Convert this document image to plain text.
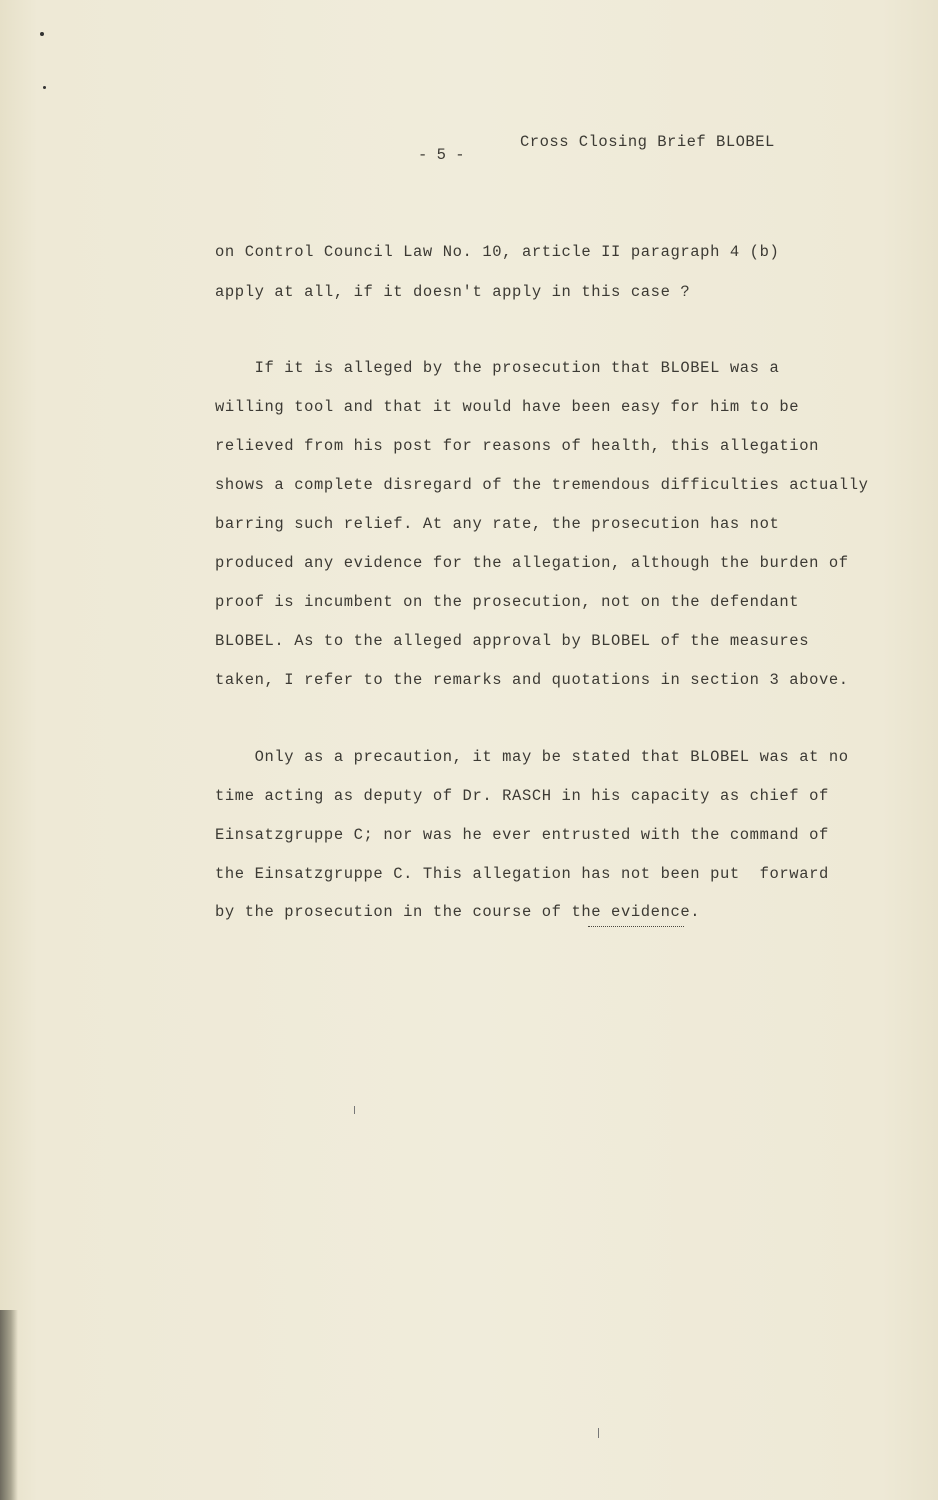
- 5 -
Cross Closing Brief BLOBEL
on Control Council Law No. 10, article II paragraph 4 (b)
apply at all, if it doesn't apply in this case ?
If it is alleged by the prosecution that BLOBEL was a
willing tool and that it would have been easy for him to be
relieved from his post for reasons of health, this allegation
shows a complete disregard of the tremendous difficulties actually
barring such relief. At any rate, the prosecution has not
produced any evidence for the allegation, although the burden of
proof is incumbent on the prosecution, not on the defendant
BLOBEL. As to the alleged approval by BLOBEL of the measures
taken, I refer to the remarks and quotations in section 3 above.
Only as a precaution, it may be stated that BLOBEL was at no
time acting as deputy of Dr. RASCH in his capacity as chief of
Einsatzgruppe C; nor was he ever entrusted with the command of
the Einsatzgruppe C. This allegation has not been put  forward
by the prosecution in the course of the evidence.
